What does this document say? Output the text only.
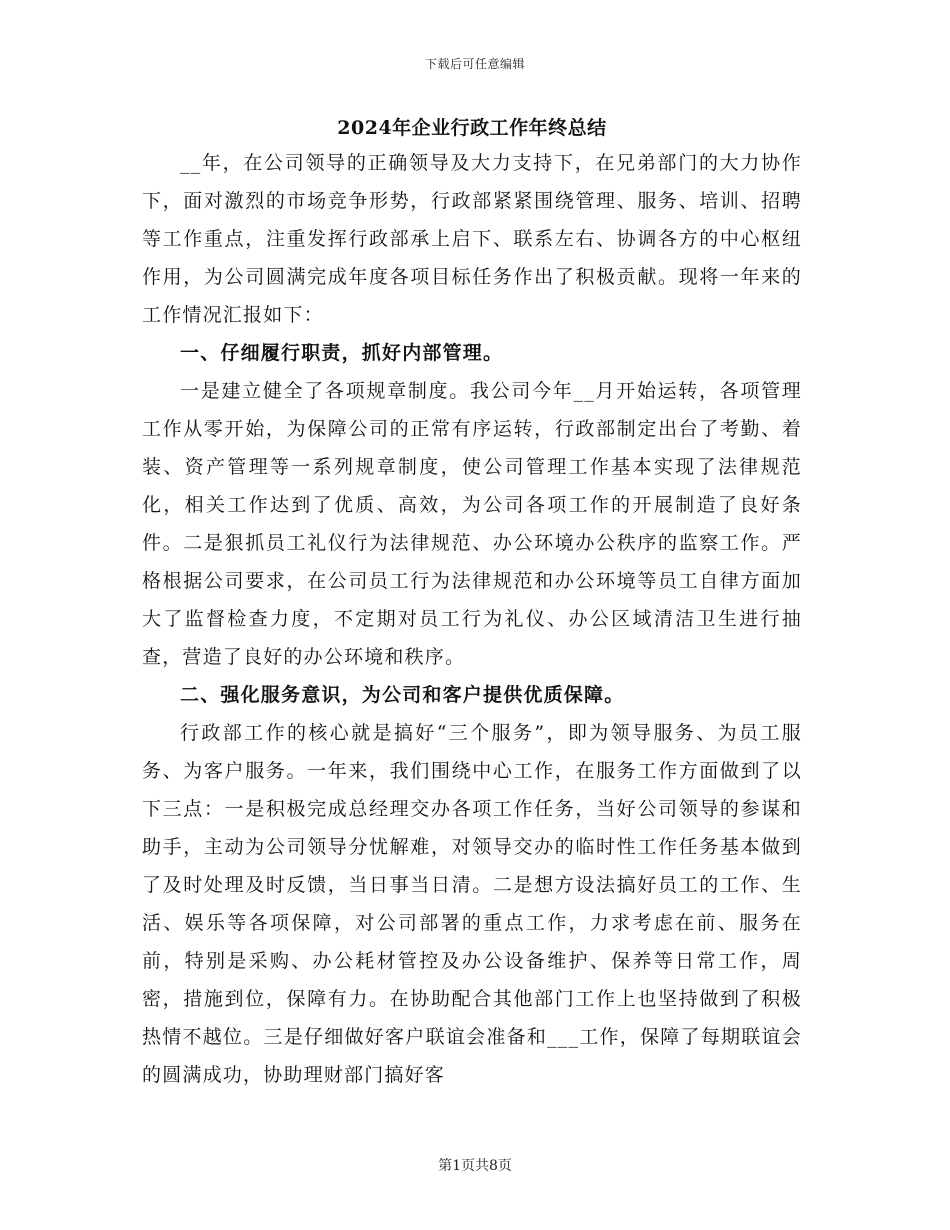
下载后可任意编辑
2024年企业行政工作年终总结

__年，在公司领导的正确领导及大力支持下，在兄弟部门的大力协作下，面对激烈的市场竞争形势，行政部紧紧围绕管理、服务、培训、招聘等工作重点，注重发挥行政部承上启下、联系左右、协调各方的中心枢纽作用，为公司圆满完成年度各项目标任务作出了积极贡献。现将一年来的工作情况汇报如下：

一、仔细履行职责，抓好内部管理。

一是建立健全了各项规章制度。我公司今年__月开始运转，各项管理工作从零开始，为保障公司的正常有序运转，行政部制定出台了考勤、着装、资产管理等一系列规章制度，使公司管理工作基本实现了法律规范化，相关工作达到了优质、高效，为公司各项工作的开展制造了良好条件。二是狠抓员工礼仪行为法律规范、办公环境办公秩序的监察工作。严格根据公司要求，在公司员工行为法律规范和办公环境等员工自律方面加大了监督检查力度，不定期对员工行为礼仪、办公区域清洁卫生进行抽查，营造了良好的办公环境和秩序。

二、强化服务意识，为公司和客户提供优质保障。

行政部工作的核心就是搞好“三个服务”，即为领导服务、为员工服务、为客户服务。一年来，我们围绕中心工作，在服务工作方面做到了以下三点：一是积极完成总经理交办各项工作任务，当好公司领导的参谋和助手，主动为公司领导分忧解难，对领导交办的临时性工作任务基本做到了及时处理及时反馈，当日事当日清。二是想方设法搞好员工的工作、生活、娱乐等各项保障，对公司部署的重点工作，力求考虑在前、服务在前，特别是采购、办公耗材管控及办公设备维护、保养等日常工作，周密，措施到位，保障有力。在协助配合其他部门工作上也坚持做到了积极热情不越位。三是仔细做好客户联谊会准备和___工作，保障了每期联谊会的圆满成功，协助理财部门搞好客

第1页共8页
